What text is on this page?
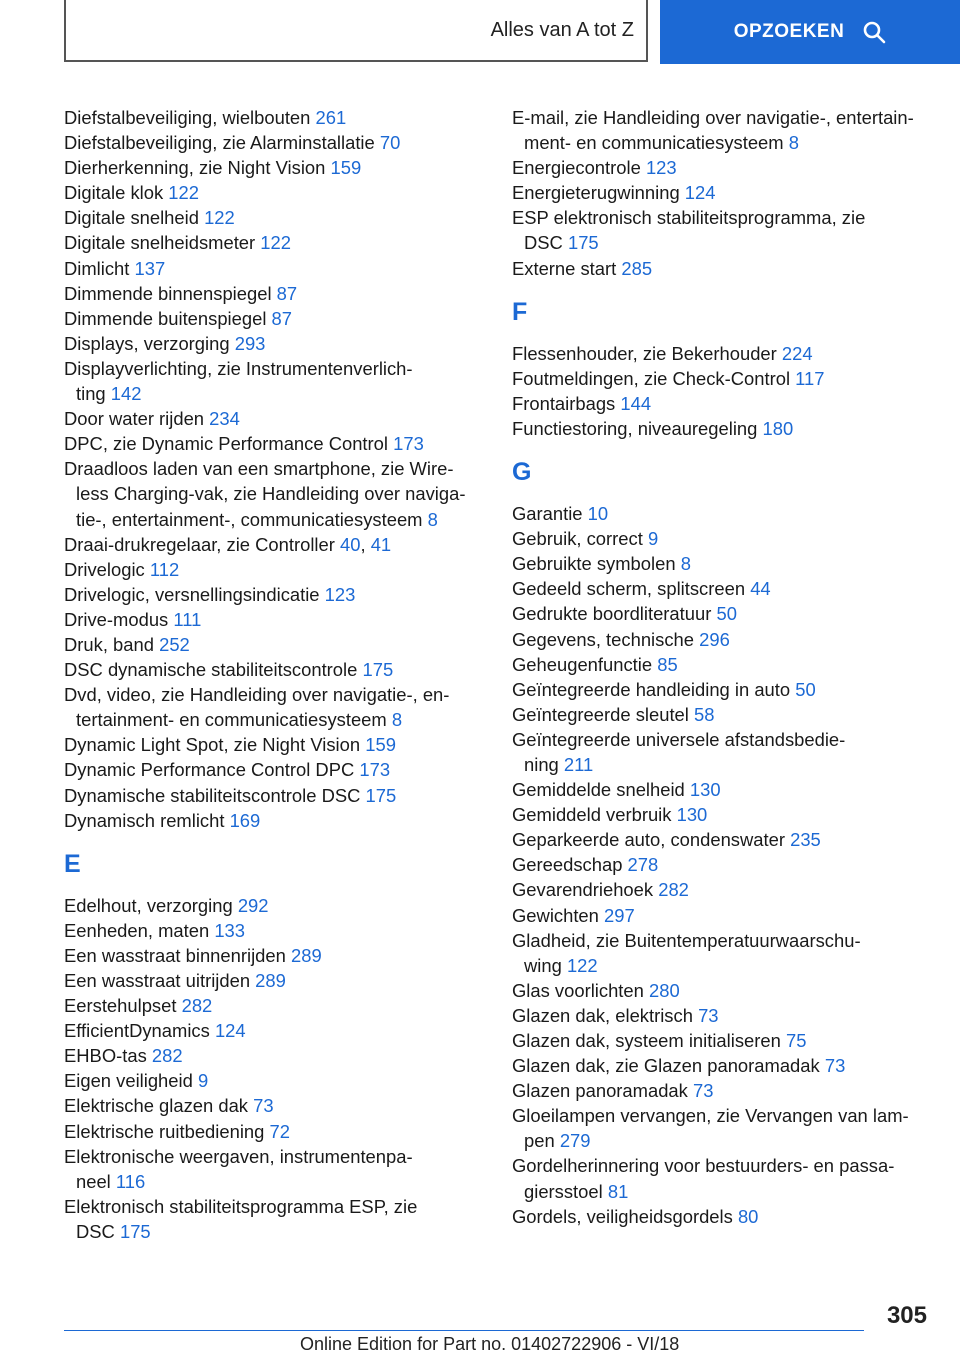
Alles van A tot Z	OPZOEKEN
Diefstalbeveiliging, wielbouten 261
Diefstalbeveiliging, zie Alarminstallatie 70
Dierherkenning, zie Night Vision 159
Digitale klok 122
Digitale snelheid 122
Digitale snelheidsmeter 122
Dimlicht 137
Dimmende binnenspiegel 87
Dimmende buitenspiegel 87
Displays, verzorging 293
Displayverlichting, zie Instrumentenverlich-
ting 142
Door water rijden 234
DPC, zie Dynamic Performance Control 173
Draadloos laden van een smartphone, zie Wire-
less Charging-vak, zie Handleiding over naviga-
tie-, entertainment-, communicatiesysteem 8
Draai-drukregelaar, zie Controller 40, 41
Drivelogic 112
Drivelogic, versnellingsindicatie 123
Drive-modus 111
Druk, band 252
DSC dynamische stabiliteitscontrole 175
Dvd, video, zie Handleiding over navigatie-, en-
tertainment- en communicatiesysteem 8
Dynamic Light Spot, zie Night Vision 159
Dynamic Performance Control DPC 173
Dynamische stabiliteitscontrole DSC 175
Dynamisch remlicht 169
E
Edelhout, verzorging 292
Eenheden, maten 133
Een wasstraat binnenrijden 289
Een wasstraat uitrijden 289
Eerstehulpset 282
EfficientDynamics 124
EHBO-tas 282
Eigen veiligheid 9
Elektrische glazen dak 73
Elektrische ruitbediening 72
Elektronische weergaven, instrumentenpa-
neel 116
Elektronisch stabiliteitsprogramma ESP, zie
DSC 175
E-mail, zie Handleiding over navigatie-, entertain-
ment- en communicatiesysteem 8
Energiecontrole 123
Energieterugwinning 124
ESP elektronisch stabiliteitsprogramma, zie
DSC 175
Externe start 285
F
Flessenhouder, zie Bekerhouder 224
Foutmeldingen, zie Check-Control 117
Frontairbags 144
Functiestoring, niveauregeling 180
G
Garantie 10
Gebruik, correct 9
Gebruikte symbolen 8
Gedeeld scherm, splitscreen 44
Gedrukte boordliteratuur 50
Gegevens, technische 296
Geheugenfunctie 85
Geïntegreerde handleiding in auto 50
Geïntegreerde sleutel 58
Geïntegreerde universele afstandsbedie-
ning 211
Gemiddelde snelheid 130
Gemiddeld verbruik 130
Geparkeerde auto, condenswater 235
Gereedschap 278
Gevarendriehoek 282
Gewichten 297
Gladheid, zie Buitentemperatuurwaarschu-
wing 122
Glas voorlichten 280
Glazen dak, elektrisch 73
Glazen dak, systeem initialiseren 75
Glazen dak, zie Glazen panoramadak 73
Glazen panoramadak 73
Gloeilampen vervangen, zie Vervangen van lam-
pen 279
Gordelherinnering voor bestuurders- en passa-
giersstoel 81
Gordels, veiligheidsgordels 80
305
Online Edition for Part no. 01402722906 - VI/18
